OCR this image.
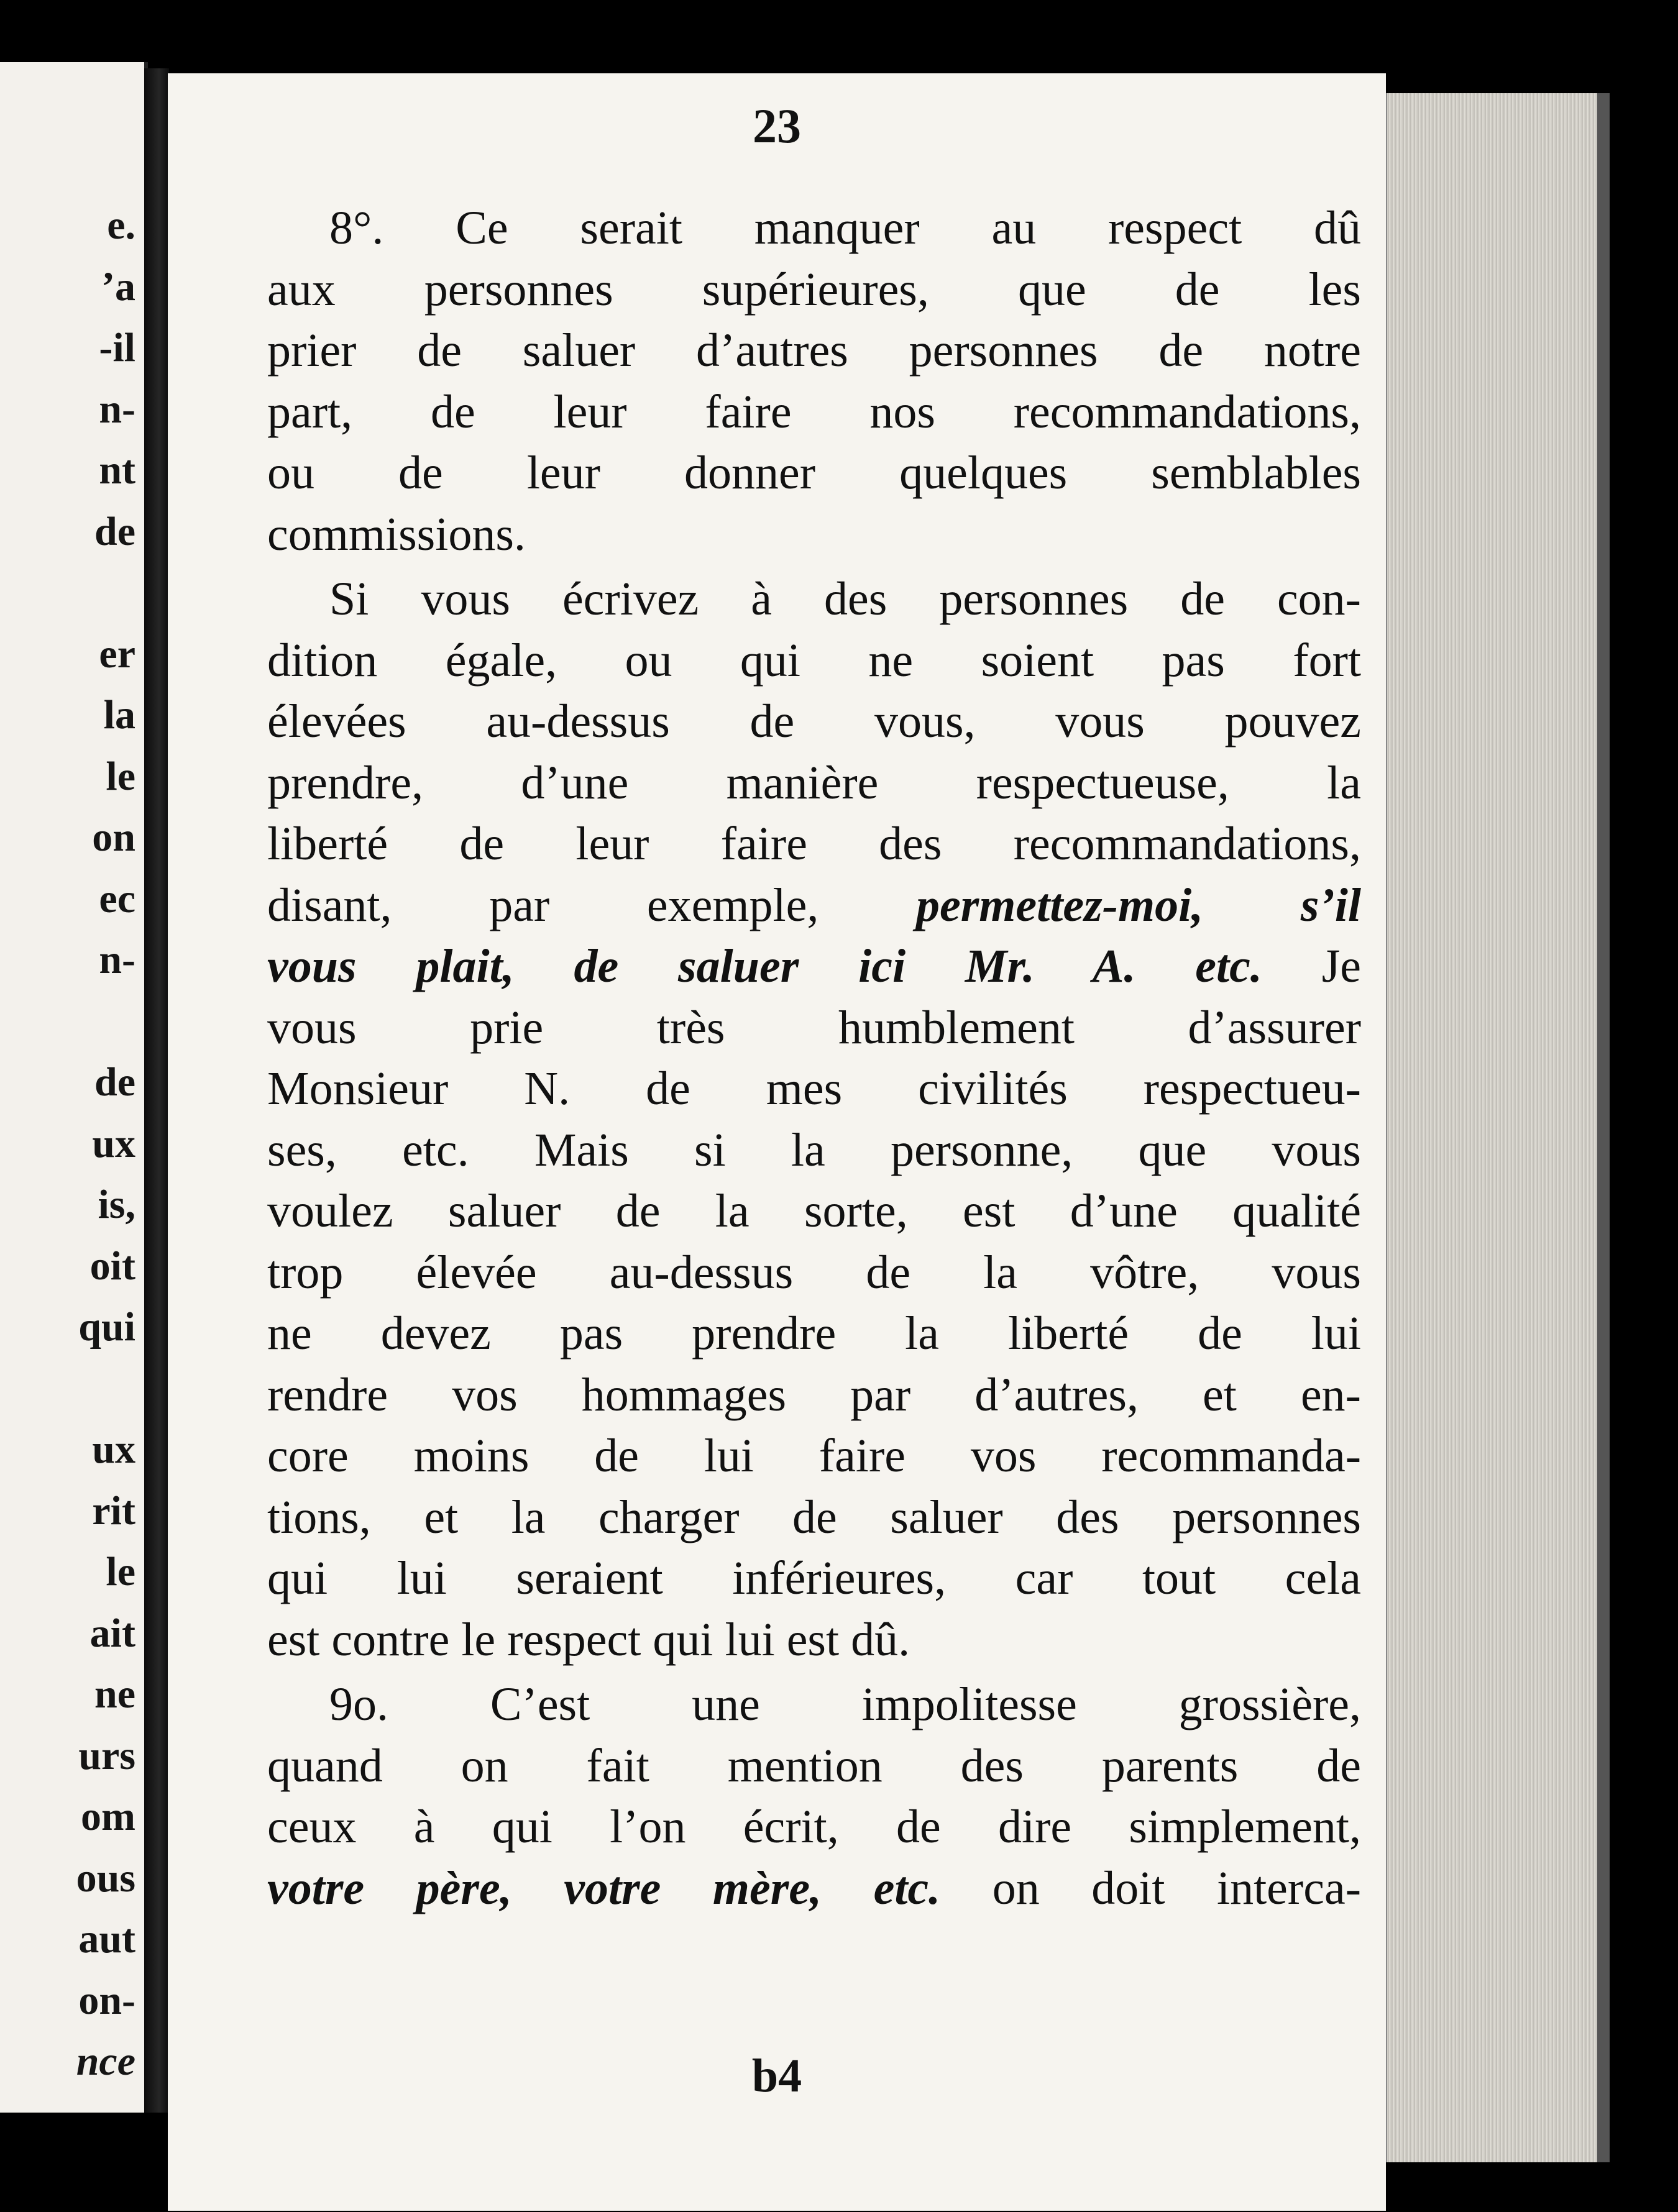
e.
’a
-il
n-
nt
de
er
la
le
on
ec
n-
de
ux
is,
oit
qui
ux
rit
le
ait
ne
urs
om
ous
aut
on-
nce
23
8°. Ce serait manquer au respect dû
aux personnes supérieures, que de les
prier de saluer d’autres personnes de notre
part, de leur faire nos recommandations,
ou de leur donner quelques semblables
commissions.
Si vous écrivez à des personnes de con-
dition égale, ou qui ne soient pas fort
élevées au-dessus de vous, vous pouvez
prendre, d’une manière respectueuse, la
liberté de leur faire des recommandations,
disant, par exemple, permettez-moi, s’il
vous plait, de saluer ici Mr. A. etc. Je
vous prie très humblement d’assurer
Monsieur N. de mes civilités respectueu-
ses, etc. Mais si la personne, que vous
voulez saluer de la sorte, est d’une qualité
trop élevée au-dessus de la vôtre, vous
ne devez pas prendre la liberté de lui
rendre vos hommages par d’autres, et en-
core moins de lui faire vos recommanda-
tions, et la charger de saluer des personnes
qui lui seraient inférieures, car tout cela
est contre le respect qui lui est dû.
9o. C’est une impolitesse grossière,
quand on fait mention des parents de
ceux à qui l’on écrit, de dire simplement,
votre père, votre mère, etc. on doit interca-
b4
